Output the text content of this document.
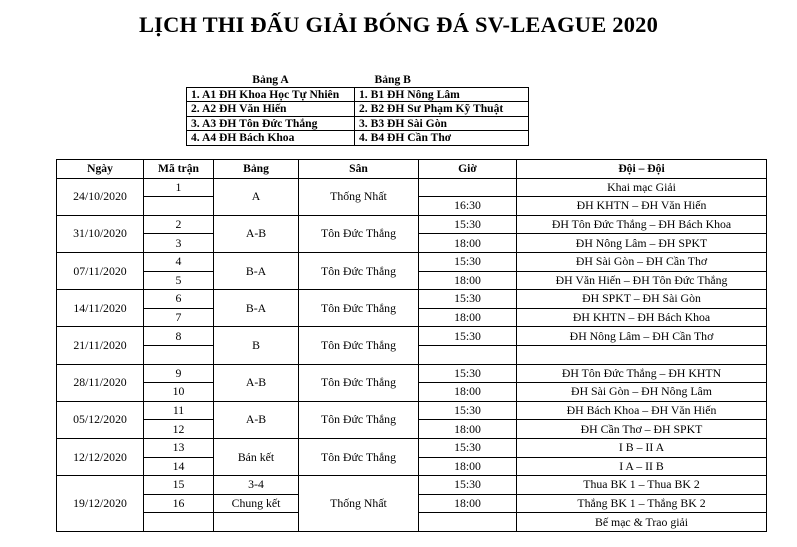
LỊCH THI ĐẤU GIẢI BÓNG ĐÁ SV-LEAGUE 2020
Bảng A	Bảng B
1. A1 ĐH Khoa Học Tự Nhiên	1. B1 ĐH Nông Lâm
2. A2 ĐH Văn Hiến	2. B2 ĐH Sư Phạm Kỹ Thuật
3. A3 ĐH Tôn Đức Thắng	3. B3 ĐH Sài Gòn
4. A4 ĐH Bách Khoa	4. B4 ĐH Cần Thơ
Ngày	Mã trận	Bảng	Sân	Giờ	Đội – Đội
24/10/2020	1	A	Thống Nhất		Khai mạc Giải
				16:30	ĐH KHTN – ĐH Văn Hiến
31/10/2020	2	A-B	Tôn Đức Thắng	15:30	ĐH Tôn Đức Thắng – ĐH Bách Khoa
	3			18:00	ĐH Nông Lâm – ĐH SPKT
07/11/2020	4	B-A	Tôn Đức Thắng	15:30	ĐH Sài Gòn – ĐH Cần Thơ
	5			18:00	ĐH Văn Hiến – ĐH Tôn Đức Thắng
14/11/2020	6	B-A	Tôn Đức Thắng	15:30	ĐH SPKT – ĐH Sài Gòn
	7			18:00	ĐH KHTN – ĐH Bách Khoa
21/11/2020	8	B	Tôn Đức Thắng	15:30	ĐH Nông Lâm – ĐH Cần Thơ

28/11/2020	9	A-B	Tôn Đức Thắng	15:30	ĐH Tôn Đức Thắng – ĐH KHTN
	10			18:00	ĐH Sài Gòn – ĐH Nông Lâm
05/12/2020	11	A-B	Tôn Đức Thắng	15:30	ĐH Bách Khoa – ĐH Văn Hiến
	12			18:00	ĐH Cần Thơ – ĐH SPKT
12/12/2020	13	Bán kết	Tôn Đức Thắng	15:30	I B – II A
	14			18:00	I A – II B
19/12/2020	15	3-4	Thống Nhất	15:30	Thua BK 1 – Thua BK 2
	16	Chung kết		18:00	Thắng BK 1 – Thắng BK 2
					Bế mạc & Trao giải
